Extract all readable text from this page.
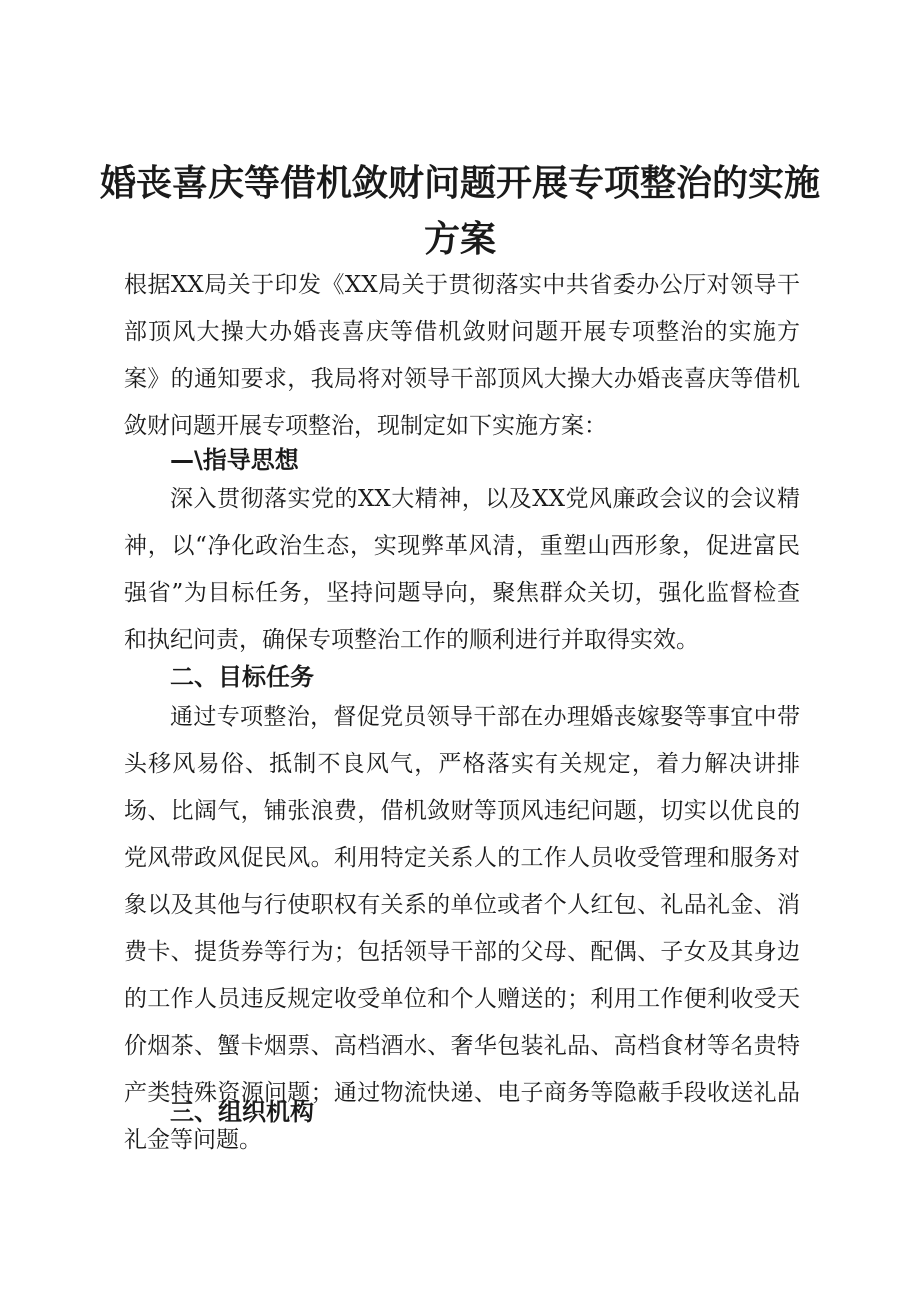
婚丧喜庆等借机敛财问题开展专项整治的实施
方案
根据XX局关于印发《XX局关于贯彻落实中共省委办公厅对领导干部顶风大操大办婚丧喜庆等借机敛财问题开展专项整治的实施方案》的通知要求，我局将对领导干部顶风大操大办婚丧喜庆等借机敛财问题开展专项整治，现制定如下实施方案：
—\指导思想
深入贯彻落实党的XX大精神，以及XX党风廉政会议的会议精神，以“净化政治生态，实现弊革风清，重塑山西形象，促进富民强省”为目标任务，坚持问题导向，聚焦群众关切，强化监督检查和执纪问责，确保专项整治工作的顺利进行并取得实效。
二、目标任务
通过专项整治，督促党员领导干部在办理婚丧嫁娶等事宜中带头移风易俗、抵制不良风气，严格落实有关规定，着力解决讲排场、比阔气，铺张浪费，借机敛财等顶风违纪问题，切实以优良的党风带政风促民风。利用特定关系人的工作人员收受管理和服务对象以及其他与行使职权有关系的单位或者个人红包、礼品礼金、消费卡、提货券等行为；包括领导干部的父母、配偶、子女及其身边的工作人员违反规定收受单位和个人赠送的；利用工作便利收受天价烟茶、蟹卡烟票、高档酒水、奢华包装礼品、高档食材等名贵特产类特殊资源问题；通过物流快递、电子商务等隐蔽手段收送礼品礼金等问题。
三、组织机构
